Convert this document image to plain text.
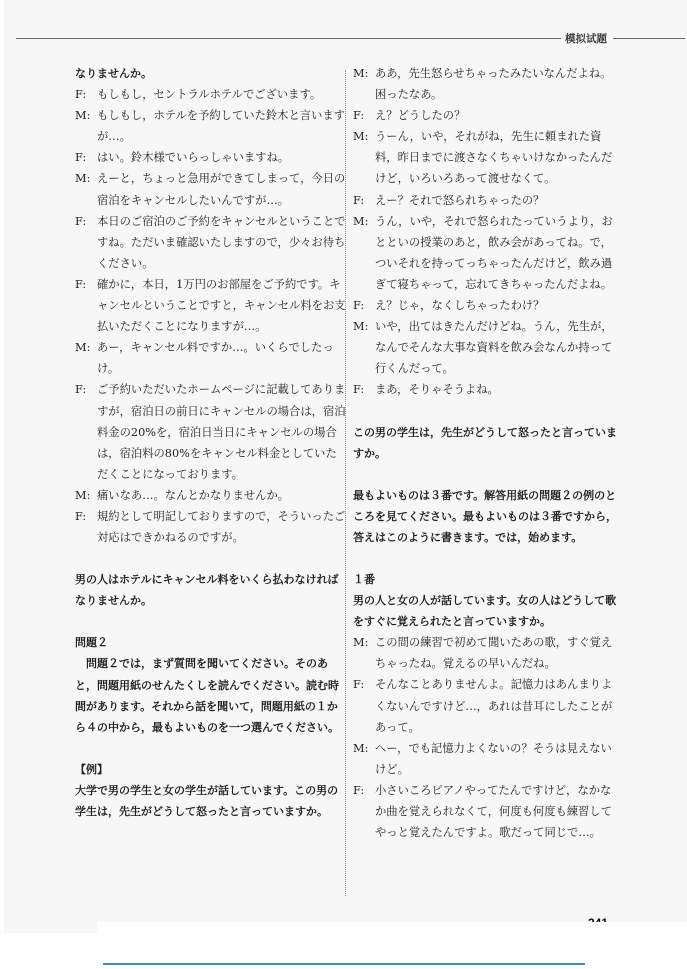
模拟试题
なりませんか。
F: もしもし，セントラルホテルでございます。
M: もしもし，ホテルを予約していた鈴木と言いますが…。
F: はい。鈴木様でいらっしゃいますね。
M: えーと，ちょっと急用ができてしまって，今日の宿泊をキャンセルしたいんですが…。
F: 本日のご宿泊のご予約をキャンセルということですね。ただいま確認いたしますので，少々お待ちください。
F: 確かに，本日，1万円のお部屋をご予約です。キャンセルということですと，キャンセル料をお支払いただくことになりますが…。
M: あー，キャンセル料ですか…。いくらでしたっけ。
F: ご予約いただいたホームページに記載してありますが，宿泊日の前日にキャンセルの場合は，宿泊料金の20%を，宿泊日当日にキャンセルの場合は，宿泊料の80%をキャンセル料金としていただくことになっております。
M: 痛いなあ…。なんとかなりませんか。
F: 規約として明記しておりますので，そういったご対応はできかねるのですが。
男の人はホテルにキャンセル料をいくら払わなければなりませんか。
問題２
問題２では，まず質問を聞いてください。そのあと，問題用紙のせんたくしを読んでください。読む時間があります。それから話を聞いて，問題用紙の１から４の中から，最もよいものを一つ選んでください。
【例】
大学で男の学生と女の学生が話しています。この男の学生は，先生がどうして怒ったと言っていますか。
M: ああ，先生怒らせちゃったみたいなんだよね。困ったなあ。
F: え？どうしたの？
M: うーん，いや，それがね，先生に頼まれた資料，昨日までに渡さなくちゃいけなかったんだけど，いろいろあって渡せなくて。
F: えー？それで怒られちゃったの？
M: うん，いや，それで怒られたっていうより，おとといの授業のあと，飲み会があってね。で，ついそれを持ってっちゃったんだけど，飲み過ぎて寝ちゃって，忘れてきちゃったんだよね。
F: え？じゃ，なくしちゃったわけ？
M: いや，出てはきたんだけどね。うん，先生が，なんでそんな大事な資料を飲み会なんか持って行くんだって。
F: まあ，そりゃそうよね。
この男の学生は，先生がどうして怒ったと言っていますか。
最もよいものは３番です。解答用紙の問題２の例のところを見てください。最もよいものは３番ですから，答えはこのように書きます。では，始めます。
１番
男の人と女の人が話しています。女の人はどうして歌をすぐに覚えられたと言っていますか。
M: この間の練習で初めて聞いたあの歌，すぐ覚えちゃったね。覚えるの早いんだね。
F: そんなことありませんよ。記憶力はあんまりよくないんですけど…，あれは昔耳にしたことがあって。
M: へー，でも記憶力よくないの？そうは見えないけど。
F: 小さいころピアノやってたんですけど，なかなか曲を覚えられなくて，何度も何度も練習してやっと覚えたんですよ。歌だって同じで…。
